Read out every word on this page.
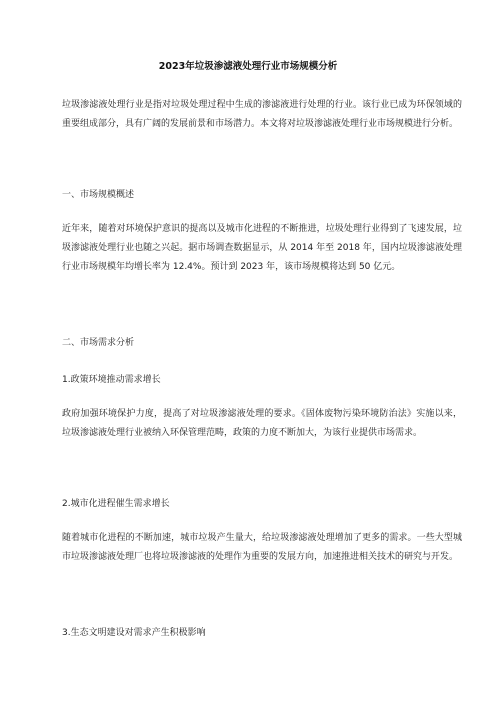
2023年垃圾渗滤液处理行业市场规模分析

垃圾渗滤液处理行业是指对垃圾处理过程中生成的渗滤液进行处理的行业。该行业已成为环保领域的重要组成部分，具有广阔的发展前景和市场潜力。本文将对垃圾渗滤液处理行业市场规模进行分析。

一、市场规模概述

近年来，随着对环境保护意识的提高以及城市化进程的不断推进，垃圾处理行业得到了飞速发展，垃圾渗滤液处理行业也随之兴起。据市场调查数据显示，从 2014 年至 2018 年，国内垃圾渗滤液处理行业市场规模年均增长率为 12.4%。预计到 2023 年，该市场规模将达到 50 亿元。

二、市场需求分析

1.政策环境推动需求增长

政府加强环境保护力度，提高了对垃圾渗滤液处理的要求。《固体废物污染环境防治法》实施以来，垃圾渗滤液处理行业被纳入环保管理范畴，政策的力度不断加大，为该行业提供市场需求。

2.城市化进程催生需求增长

随着城市化进程的不断加速，城市垃圾产生量大，给垃圾渗滤液处理增加了更多的需求。一些大型城市垃圾渗滤液处理厂也将垃圾渗滤液的处理作为重要的发展方向，加速推进相关技术的研究与开发。

3.生态文明建设对需求产生积极影响
